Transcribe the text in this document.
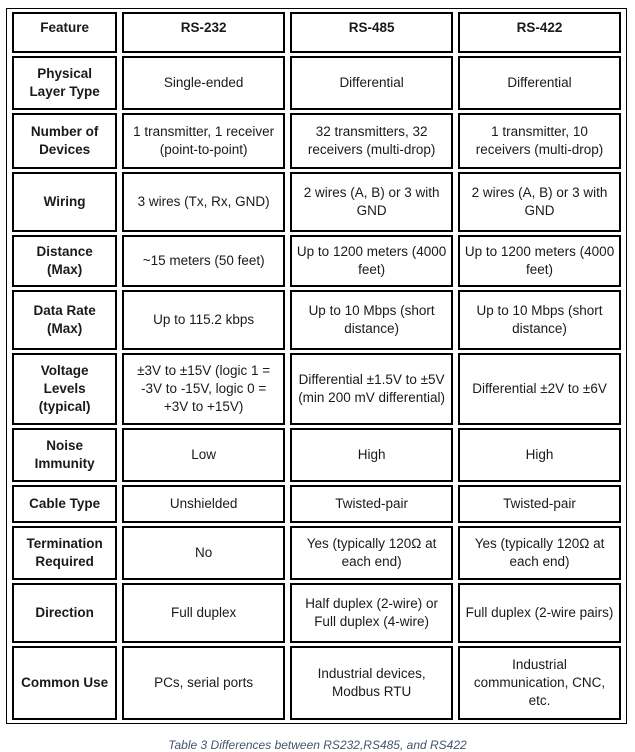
Feature	RS-232	RS-485	RS-422
Physical Layer Type	Single-ended	Differential	Differential
Number of Devices	1 transmitter, 1 receiver (point-to-point)	32 transmitters, 32 receivers (multi-drop)	1 transmitter, 10 receivers (multi-drop)
Wiring	3 wires (Tx, Rx, GND)	2 wires (A, B) or 3 with GND	2 wires (A, B) or 3 with GND
Distance (Max)	~15 meters (50 feet)	Up to 1200 meters (4000 feet)	Up to 1200 meters (4000 feet)
Data Rate (Max)	Up to 115.2 kbps	Up to 10 Mbps (short distance)	Up to 10 Mbps (short distance)
Voltage Levels (typical)	±3V to ±15V (logic 1 = -3V to -15V, logic 0 = +3V to +15V)	Differential ±1.5V to ±5V (min 200 mV differential)	Differential ±2V to ±6V
Noise Immunity	Low	High	High
Cable Type	Unshielded	Twisted-pair	Twisted-pair
Termination Required	No	Yes (typically 120Ω at each end)	Yes (typically 120Ω at each end)
Direction	Full duplex	Half duplex (2-wire) or Full duplex (4-wire)	Full duplex (2-wire pairs)
Common Use	PCs, serial ports	Industrial devices, Modbus RTU	Industrial communication, CNC, etc.
Table 3 Differences between RS232,RS485, and RS422
